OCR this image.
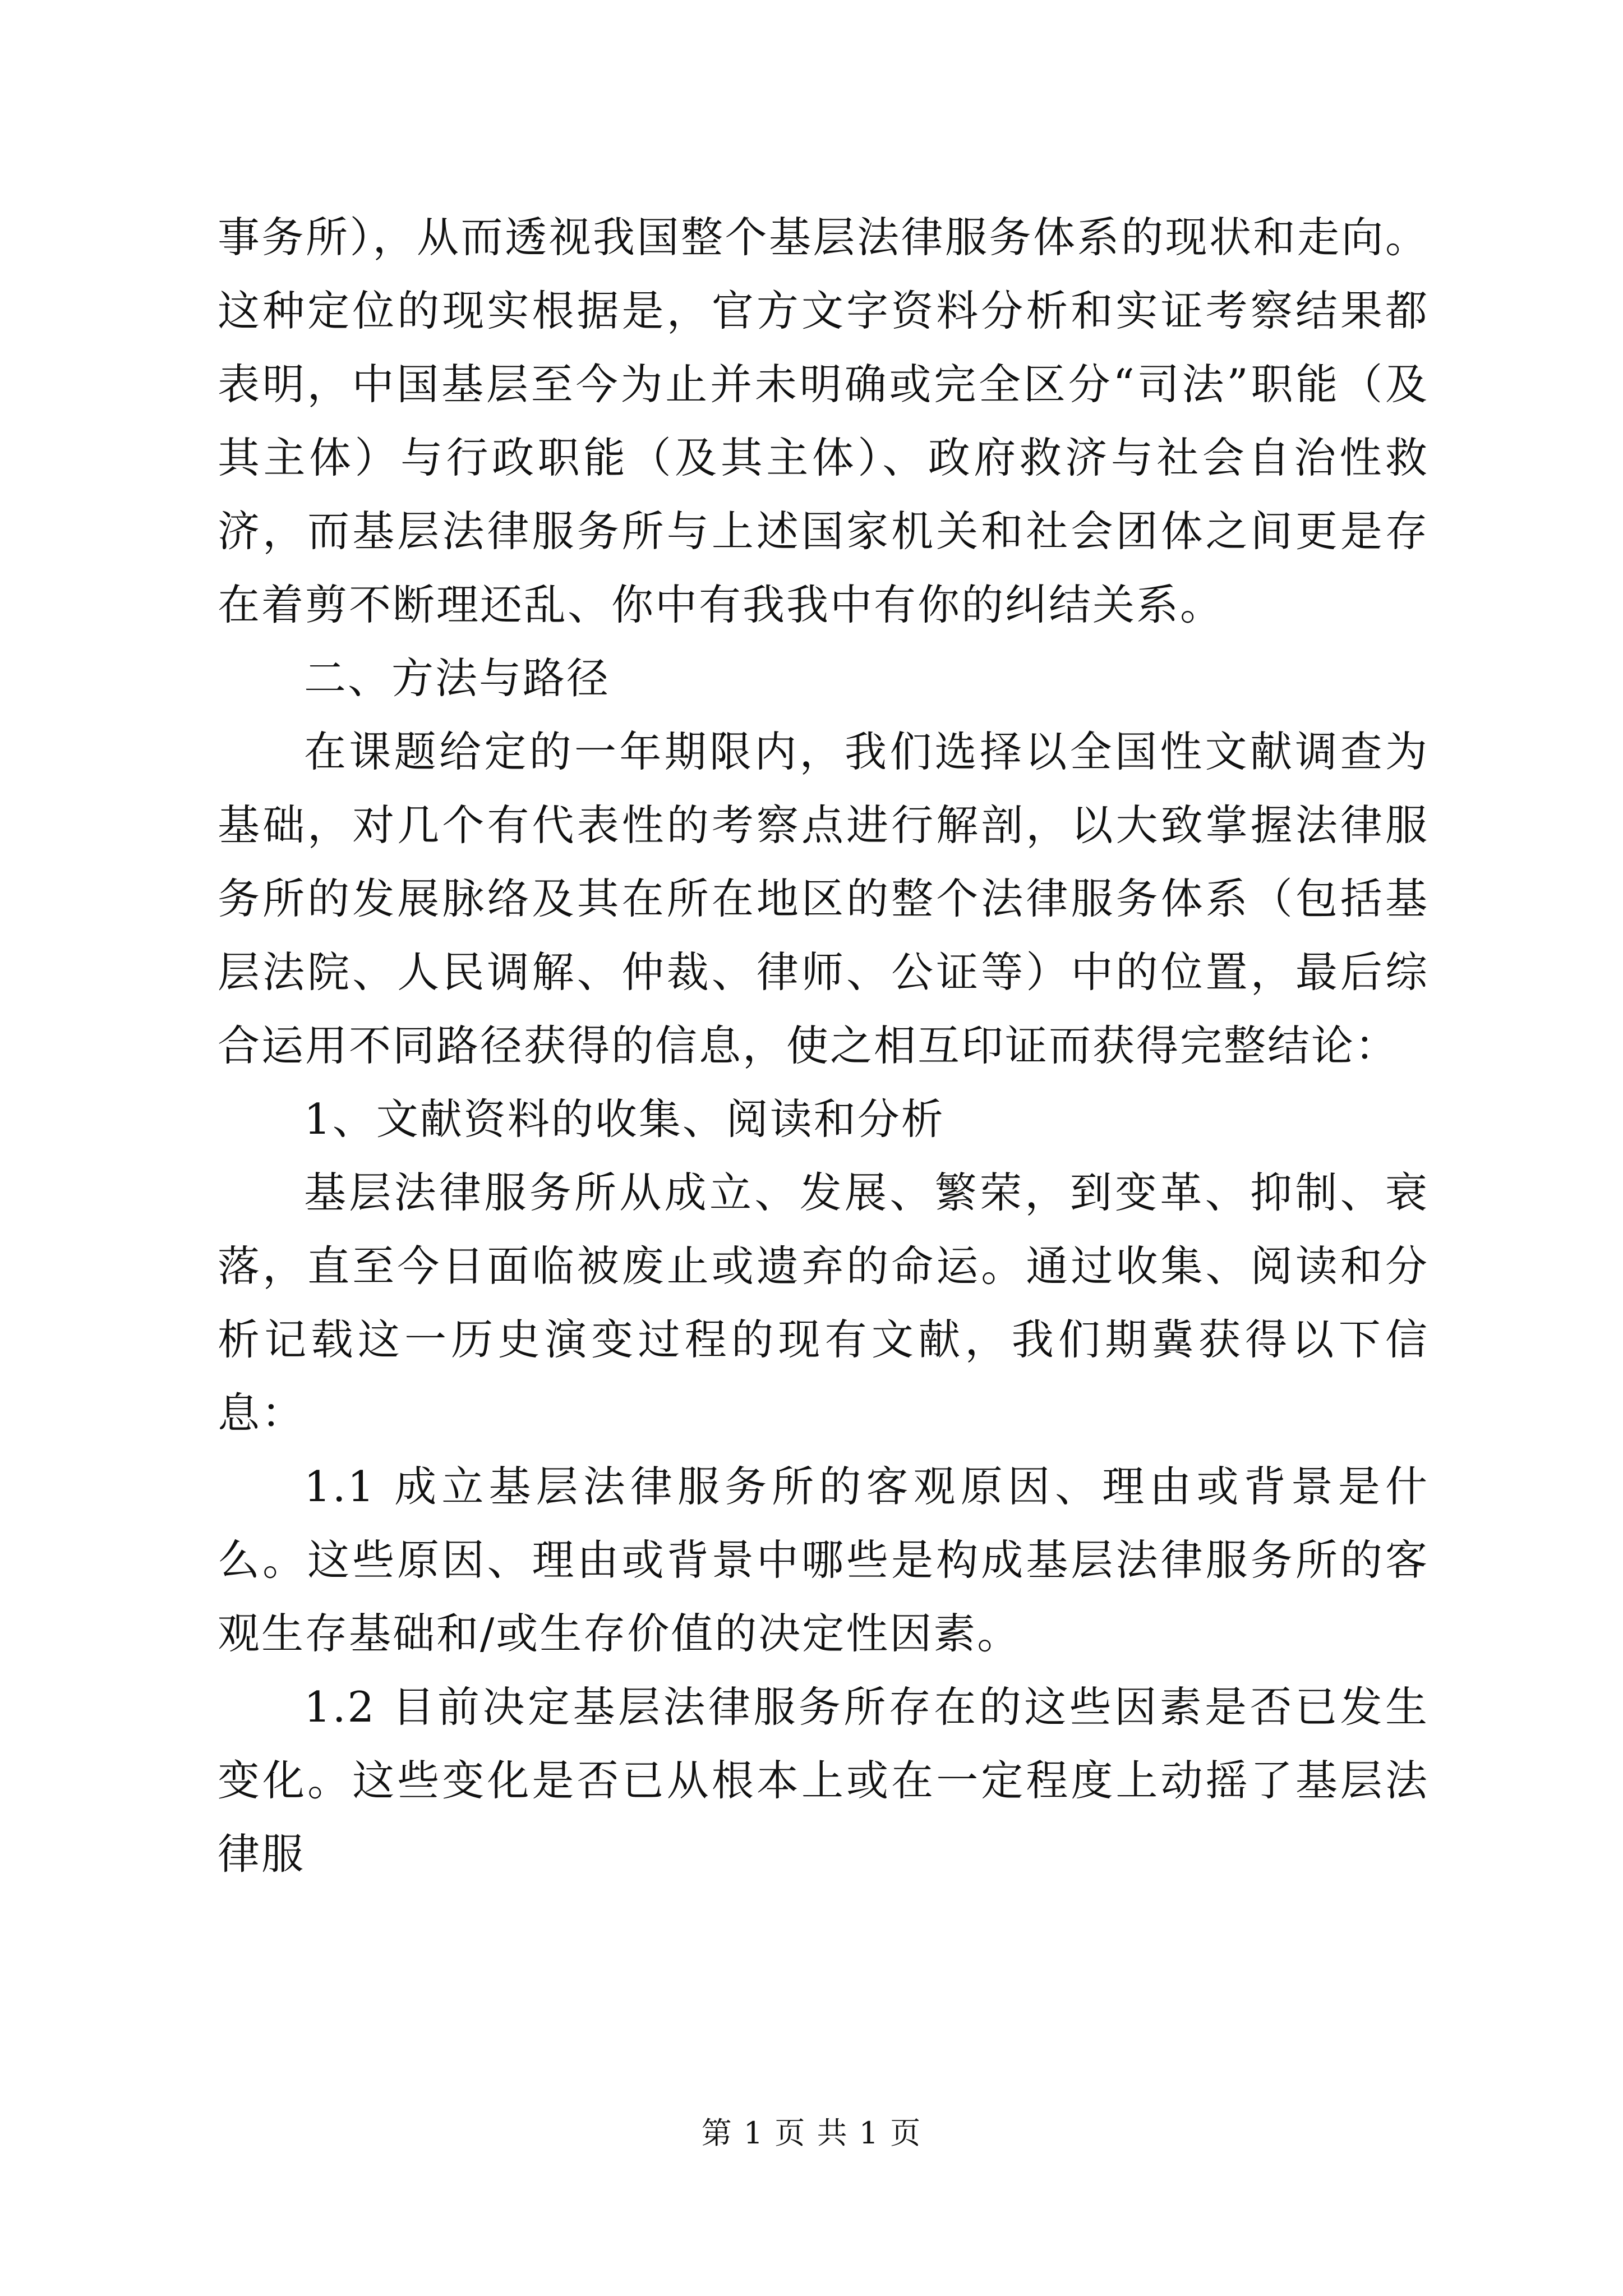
事务所），从而透视我国整个基层法律服务体系的现状和走向。这种定位的现实根据是，官方文字资料分析和实证考察结果都表明，中国基层至今为止并未明确或完全区分“司法”职能（及其主体）与行政职能（及其主体）、政府救济与社会自治性救济，而基层法律服务所与上述国家机关和社会团体之间更是存在着剪不断理还乱、你中有我我中有你的纠结关系。

二、方法与路径

在课题给定的一年期限内，我们选择以全国性文献调查为基础，对几个有代表性的考察点进行解剖，以大致掌握法律服务所的发展脉络及其在所在地区的整个法律服务体系（包括基层法院、人民调解、仲裁、律师、公证等）中的位置，最后综合运用不同路径获得的信息，使之相互印证而获得完整结论：

1、文献资料的收集、阅读和分析

基层法律服务所从成立、发展、繁荣，到变革、抑制、衰落，直至今日面临被废止或遗弃的命运。通过收集、阅读和分析记载这一历史演变过程的现有文献，我们期冀获得以下信息：

1.1 成立基层法律服务所的客观原因、理由或背景是什么。这些原因、理由或背景中哪些是构成基层法律服务所的客观生存基础和/或生存价值的决定性因素。

1.2 目前决定基层法律服务所存在的这些因素是否已发生变化。这些变化是否已从根本上或在一定程度上动摇了基层法律服

第 1 页 共 1 页
